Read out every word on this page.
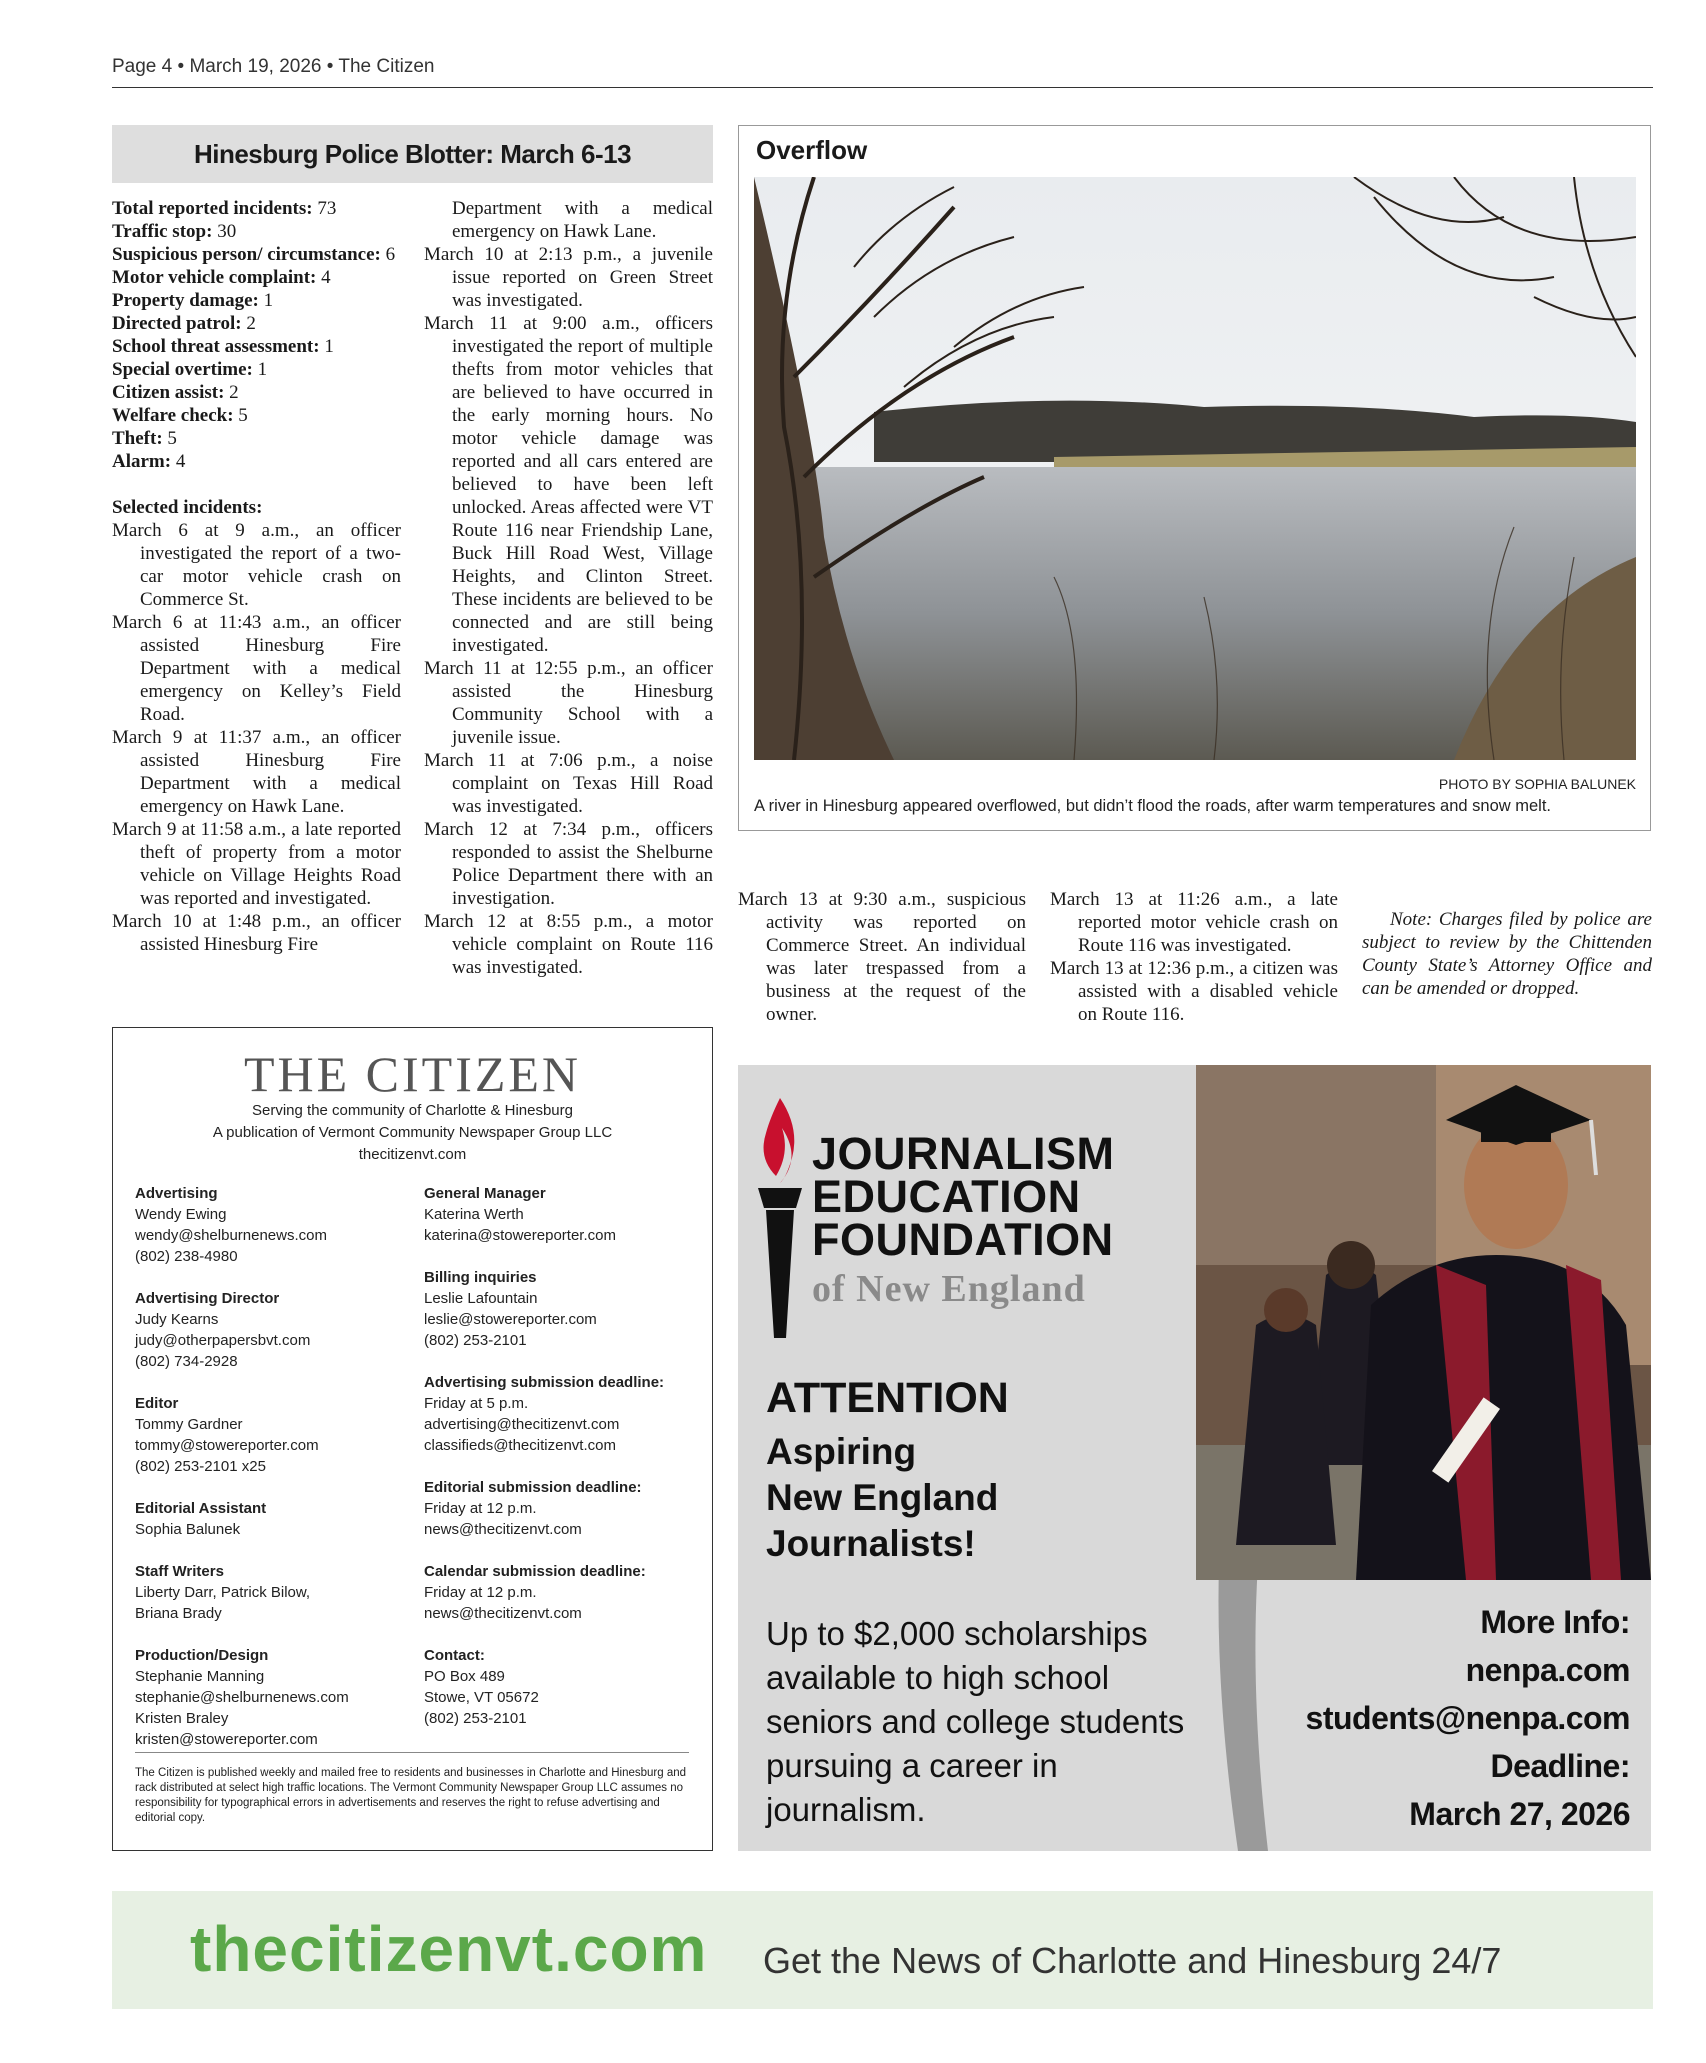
Page 4 • March 19, 2026 • The Citizen
Hinesburg Police Blotter: March 6-13
Total reported incidents: 73
Traffic stop: 30
Suspicious person/ circumstance: 6
Motor vehicle complaint: 4
Property damage: 1
Directed patrol: 2
School threat assessment: 1
Special overtime: 1
Citizen assist: 2
Welfare check: 5
Theft: 5
Alarm: 4
Selected incidents:
March 6 at 9 a.m., an officer investigated the report of a two-car motor vehicle crash on Commerce St.
March 6 at 11:43 a.m., an officer assisted Hinesburg Fire Department with a medical emergency on Kelley’s Field Road.
March 9 at 11:37 a.m., an officer assisted Hinesburg Fire Department with a medical emergency on Hawk Lane.
March 9 at 11:58 a.m., a late reported theft of property from a motor vehicle on Village Heights Road was reported and investigated.
March 10 at 1:48 p.m., an officer assisted Hinesburg Fire
Department with a medical emergency on Hawk Lane.
March 10 at 2:13 p.m., a juvenile issue reported on Green Street was investigated.
March 11 at 9:00 a.m., officers investigated the report of multiple thefts from motor vehicles that are believed to have occurred in the early morning hours. No motor vehicle damage was reported and all cars entered are believed to have been left unlocked. Areas affected were VT Route 116 near Friendship Lane, Buck Hill Road West, Village Heights, and Clinton Street. These incidents are believed to be connected and are still being investigated.
March 11 at 12:55 p.m., an officer assisted the Hinesburg Community School with a juvenile issue.
March 11 at 7:06 p.m., a noise complaint on Texas Hill Road was investigated.
March 12 at 7:34 p.m., officers responded to assist the Shelburne Police Department there with an investigation.
March 12 at 8:55 p.m., a motor vehicle complaint on Route 116 was investigated.
March 13 at 9:30 a.m., suspicious activity was reported on Commerce Street. An individual was later trespassed from a business at the request of the owner.
March 13 at 11:26 a.m., a late reported motor vehicle crash on Route 116 was investigated.
March 13 at 12:36 p.m., a citizen was assisted with a disabled vehicle on Route 116.
Note: Charges filed by police are subject to review by the Chittenden County State’s Attorney Office and can be amended or dropped.
Overflow
PHOTO BY SOPHIA BALUNEK
A river in Hinesburg appeared overflowed, but didn’t flood the roads, after warm temperatures and snow melt.
THE CITIZEN
Serving the community of Charlotte & Hinesburg
A publication of Vermont Community Newspaper Group LLC
thecitizenvt.com
Advertising
Wendy Ewing
wendy@shelburnenews.com
(802) 238-4980
Advertising Director
Judy Kearns
judy@otherpapersbvt.com
(802) 734-2928
Editor
Tommy Gardner
tommy@stowereporter.com
(802) 253-2101 x25
Editorial Assistant
Sophia Balunek
Staff Writers
Liberty Darr, Patrick Bilow,
Briana Brady
Production/Design
Stephanie Manning
stephanie@shelburnenews.com
Kristen Braley
kristen@stowereporter.com
General Manager
Katerina Werth
katerina@stowereporter.com
Billing inquiries
Leslie Lafountain
leslie@stowereporter.com
(802) 253-2101
Advertising submission deadline:
Friday at 5 p.m.
advertising@thecitizenvt.com
classifieds@thecitizenvt.com
Editorial submission deadline:
Friday at 12 p.m.
news@thecitizenvt.com
Calendar submission deadline:
Friday at 12 p.m.
news@thecitizenvt.com
Contact:
PO Box 489
Stowe, VT 05672
(802) 253-2101
The Citizen is published weekly and mailed free to residents and businesses in Charlotte and Hinesburg and rack distributed at select high traffic locations. The Vermont Community Newspaper Group LLC assumes no responsibility for typographical errors in advertisements and reserves the right to refuse advertising and editorial copy.
JOURNALISM
EDUCATION
FOUNDATION
of New England
ATTENTION
Aspiring
New England
Journalists!
Up to $2,000 scholarships available to high school seniors and college students pursuing a career in journalism.
More Info:
nenpa.com
students@nenpa.com
Deadline:
March 27, 2026
thecitizenvt.com Get the News of Charlotte and Hinesburg 24/7
